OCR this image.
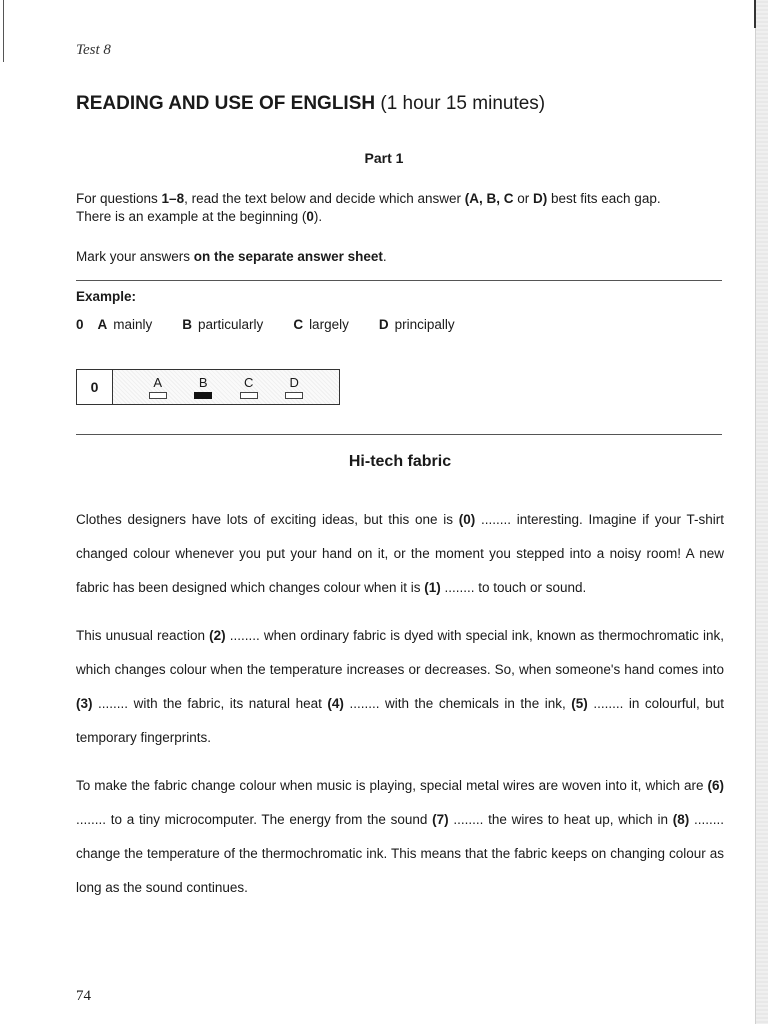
Test 8
READING AND USE OF ENGLISH (1 hour 15 minutes)
Part 1

For questions 1–8, read the text below and decide which answer (A, B, C or D) best fits each gap.

There is an example at the beginning (0).

Mark your answers on the separate answer sheet.
Example:
0 A mainly B particularly C largely D principally
0	A	B	C	D
Hi-tech fabric

Clothes designers have lots of exciting ideas, but this one is (0) ........ interesting. Imagine if your T-shirt changed colour whenever you put your hand on it, or the moment you stepped into a noisy room! A new fabric has been designed which changes colour when it is (1) ........ to touch or sound.

This unusual reaction (2) ........ when ordinary fabric is dyed with special ink, known as thermochromatic ink, which changes colour when the temperature increases or decreases. So, when someone's hand comes into (3) ........ with the fabric, its natural heat (4) ........ with the chemicals in the ink, (5) ........ in colourful, but temporary fingerprints.

To make the fabric change colour when music is playing, special metal wires are woven into it, which are (6) ........ to a tiny microcomputer. The energy from the sound (7) ........ the wires to heat up, which in (8) ........ change the temperature of the thermochromatic ink. This means that the fabric keeps on changing colour as long as the sound continues.

74
